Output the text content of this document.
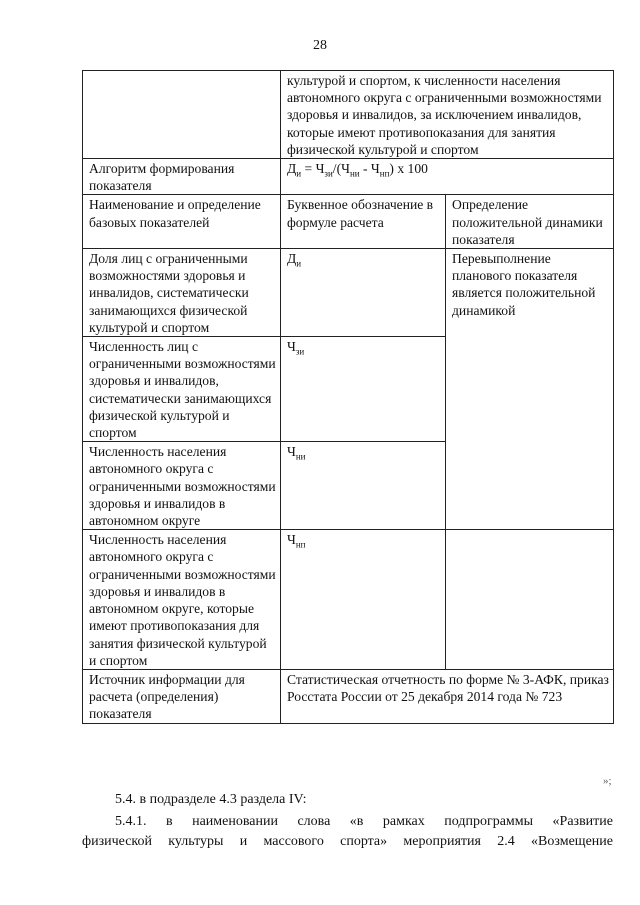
28
	культурой и спортом, к численности населения автономного округа с ограниченными возможностями здоровья и инвалидов, за исключением инвалидов, которые имеют противопоказания для занятия физической культурой и спортом	
Алгоритм формирования показателя	$Д_и = Ч_{зи}/(Ч_{ни} - Ч_{нп})$ х 100	
Наименование и определение базовых показателей	Буквенное обозначение в формуле расчета	Определение положительной динамики показателя
Доля лиц с ограниченными возможностями здоровья и инвалидов, систематически занимающихся физической культурой и спортом	$Д_и$	Перевыполнение планового показателя является положительной динамикой
Численность лиц с ограниченными возможностями здоровья и инвалидов, систематически занимающихся физической культурой и спортом	$Ч_{зи}$
Численность населения автономного округа с ограниченными возможностями здоровья и инвалидов в автономном округе	$Ч_{ни}$
Численность населения автономного округа с ограниченными возможностями здоровья и инвалидов в автономном округе, которые имеют противопоказания для занятия физической культурой и спортом	$Ч_{нп}$	
Источник информации для расчета (определения) показателя	Статистическая отчетность по форме № 3-АФК, приказ Росстата России от 25 декабря 2014 года № 723	
»;
5.4. в подразделе 4.3 раздела IV:
5.4.1. в наименовании слова «в рамках подпрограммы «Развитие
физической культуры и массового спорта» мероприятия 2.4 «Возмещение
